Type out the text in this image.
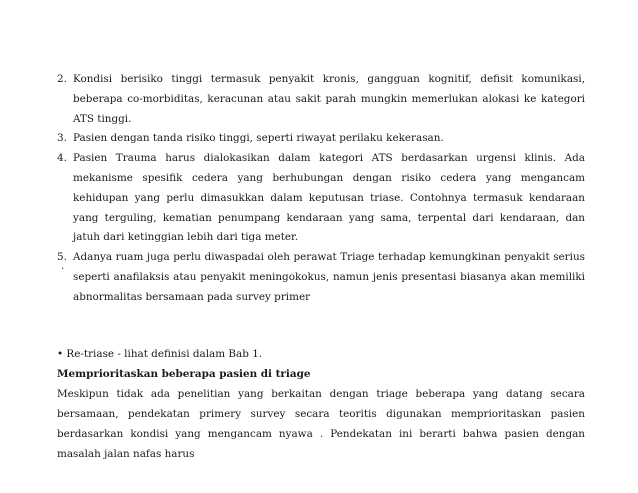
2. Kondisi berisiko tinggi termasuk penyakit kronis, gangguan kognitif, defisit komunikasi, beberapa co-morbiditas, keracunan atau sakit parah mungkin memerlukan alokasi ke kategori ATS tinggi.
3. Pasien dengan tanda risiko tinggi, seperti riwayat perilaku kekerasan.
4. Pasien Trauma harus dialokasikan dalam kategori ATS berdasarkan urgensi klinis. Ada mekanisme spesifik cedera yang berhubungan dengan risiko cedera yang mengancam kehidupan yang perlu dimasukkan dalam keputusan triase. Contohnya termasuk kendaraan yang terguling, kematian penumpang kendaraan yang sama, terpental dari kendaraan, dan jatuh dari ketinggian lebih dari tiga meter.
5. Adanya ruam juga perlu diwaspadai oleh perawat Triage terhadap kemungkinan penyakit serius seperti anafilaksis atau penyakit meningokokus, namun jenis presentasi biasanya akan memiliki abnormalitas bersamaan pada survey primer
.
• Re-triase - lihat definisi dalam Bab 1.
Memprioritaskan beberapa pasien di triage
Meskipun tidak ada penelitian yang berkaitan dengan triage beberapa yang datang secara bersamaan, pendekatan primery survey secara teoritis digunakan memprioritaskan pasien berdasarkan kondisi yang mengancam nyawa . Pendekatan ini berarti bahwa pasien dengan masalah jalan nafas harus
